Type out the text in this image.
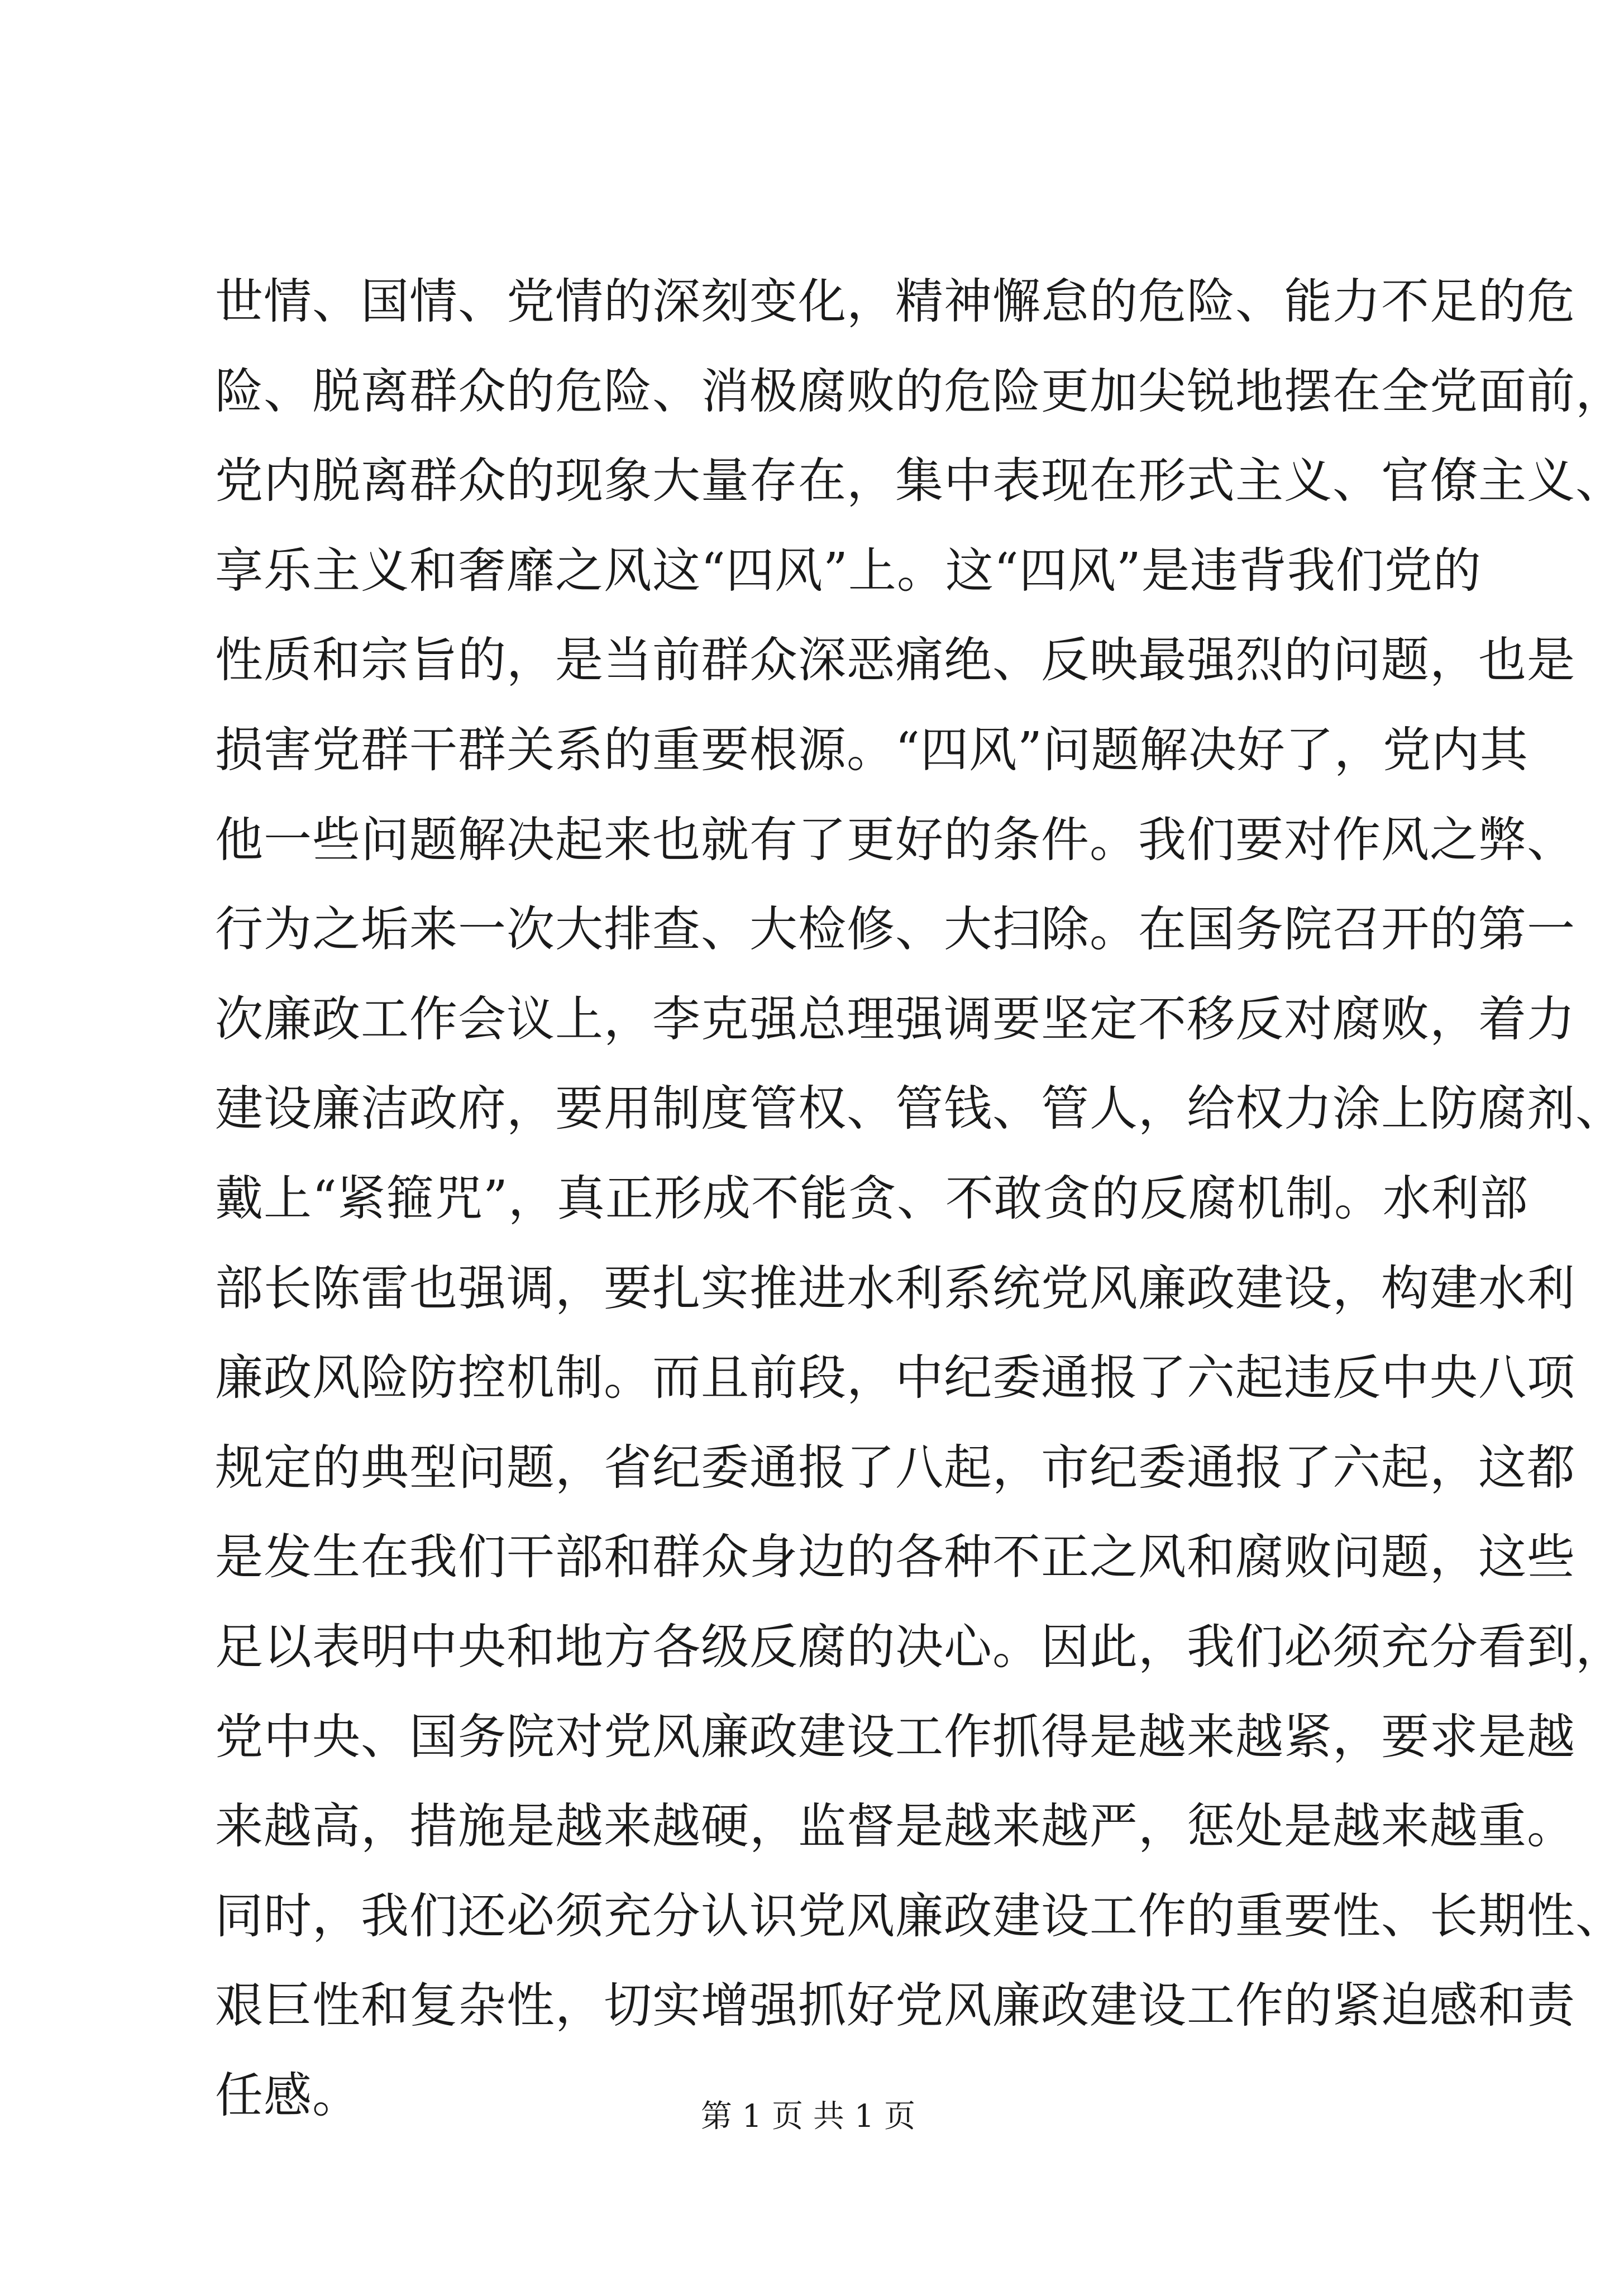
世情、国情、党情的深刻变化，精神懈怠的危险、能力不足的危
险、脱离群众的危险、消极腐败的危险更加尖锐地摆在全党面前，
党内脱离群众的现象大量存在，集中表现在形式主义、官僚主义、
享乐主义和奢靡之风这“四风”上。这“四风”是违背我们党的
性质和宗旨的，是当前群众深恶痛绝、反映最强烈的问题，也是
损害党群干群关系的重要根源。“四风”问题解决好了，党内其
他一些问题解决起来也就有了更好的条件。我们要对作风之弊、
行为之垢来一次大排查、大检修、大扫除。在国务院召开的第一
次廉政工作会议上，李克强总理强调要坚定不移反对腐败，着力
建设廉洁政府，要用制度管权、管钱、管人，给权力涂上防腐剂、
戴上“紧箍咒”，真正形成不能贪、不敢贪的反腐机制。水利部
部长陈雷也强调，要扎实推进水利系统党风廉政建设，构建水利
廉政风险防控机制。而且前段，中纪委通报了六起违反中央八项
规定的典型问题，省纪委通报了八起，市纪委通报了六起，这都
是发生在我们干部和群众身边的各种不正之风和腐败问题，这些
足以表明中央和地方各级反腐的决心。因此，我们必须充分看到，
党中央、国务院对党风廉政建设工作抓得是越来越紧，要求是越
来越高，措施是越来越硬，监督是越来越严，惩处是越来越重。
同时，我们还必须充分认识党风廉政建设工作的重要性、长期性、
艰巨性和复杂性，切实增强抓好党风廉政建设工作的紧迫感和责
任感。	第 1 页 共 1 页
